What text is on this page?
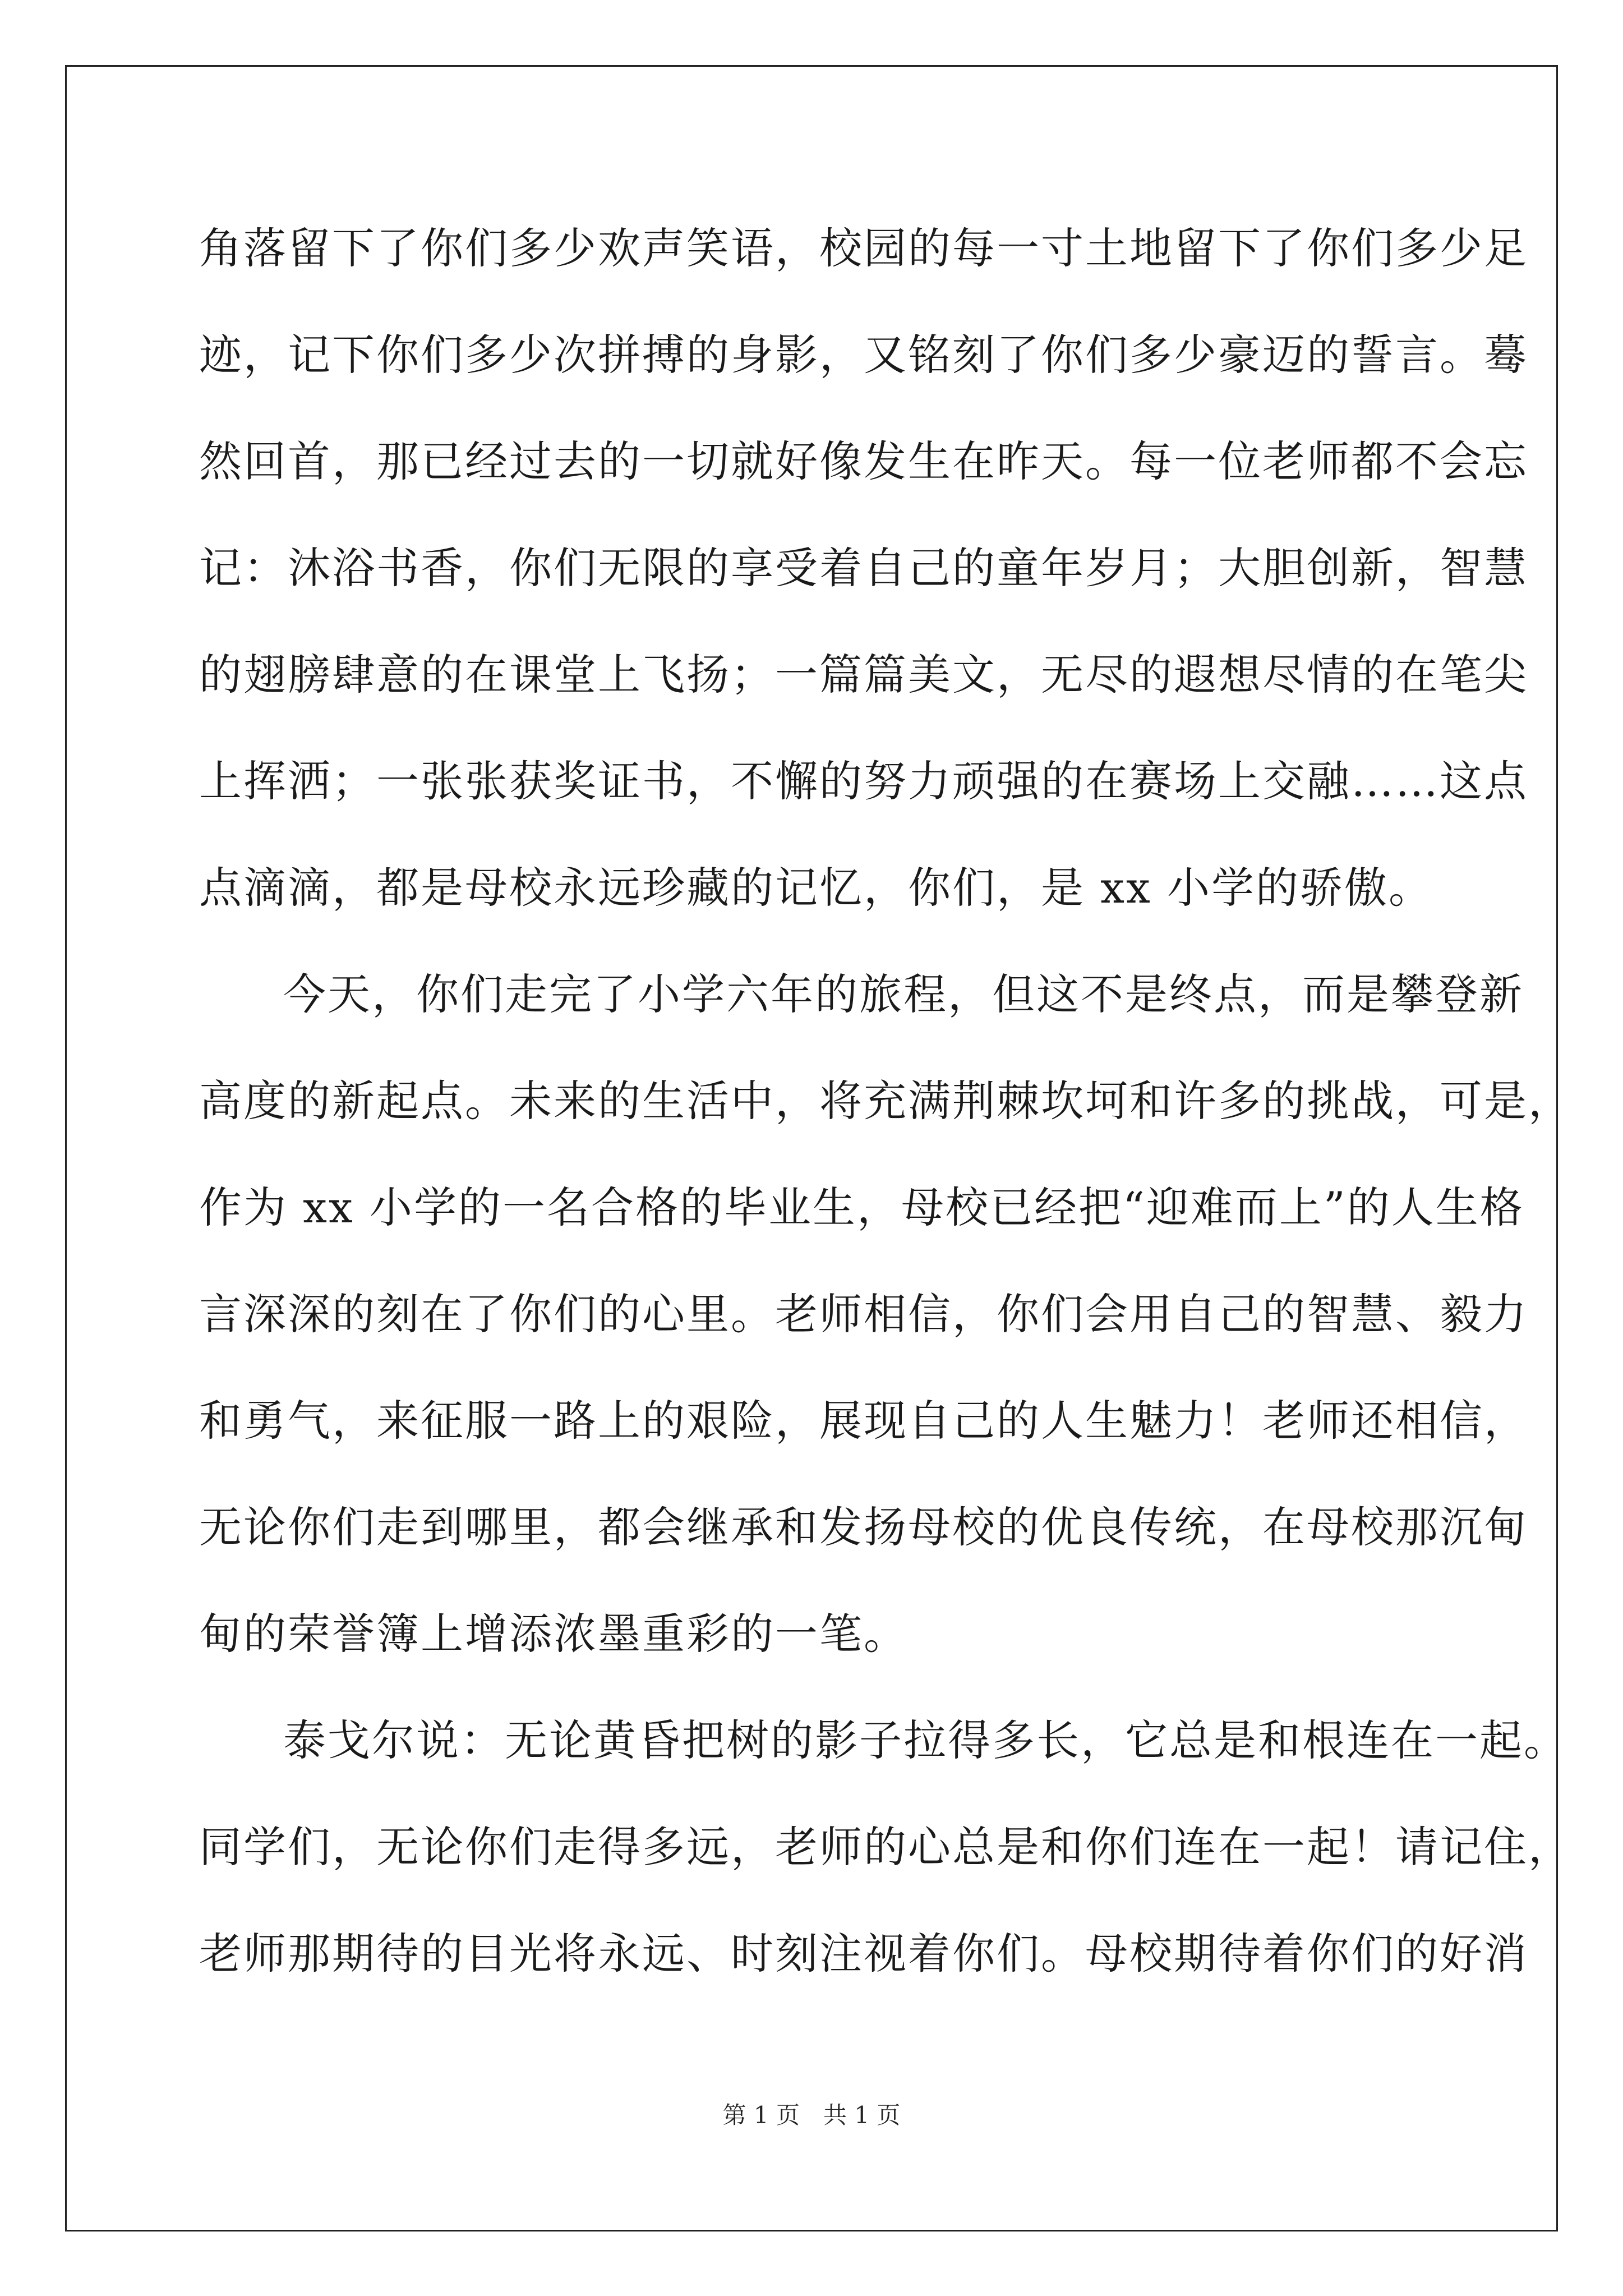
角落留下了你们多少欢声笑语，校园的每一寸土地留下了你们多少足
迹，记下你们多少次拼搏的身影，又铭刻了你们多少豪迈的誓言。蓦
然回首，那已经过去的一切就好像发生在昨天。每一位老师都不会忘
记：沐浴书香，你们无限的享受着自己的童年岁月；大胆创新，智慧
的翅膀肆意的在课堂上飞扬；一篇篇美文，无尽的遐想尽情的在笔尖
上挥洒；一张张获奖证书，不懈的努力顽强的在赛场上交融……这点
点滴滴，都是母校永远珍藏的记忆，你们，是 xx 小学的骄傲。
今天，你们走完了小学六年的旅程，但这不是终点，而是攀登新
高度的新起点。未来的生活中，将充满荆棘坎坷和许多的挑战，可是，
作为 xx 小学的一名合格的毕业生，母校已经把“迎难而上”的人生格
言深深的刻在了你们的心里。老师相信，你们会用自己的智慧、毅力
和勇气，来征服一路上的艰险，展现自己的人生魅力！老师还相信，
无论你们走到哪里，都会继承和发扬母校的优良传统，在母校那沉甸
甸的荣誉簿上增添浓墨重彩的一笔。
泰戈尔说：无论黄昏把树的影子拉得多长，它总是和根连在一起。
同学们，无论你们走得多远，老师的心总是和你们连在一起！请记住，
老师那期待的目光将永远、时刻注视着你们。母校期待着你们的好消
第 1 页　共 1 页
